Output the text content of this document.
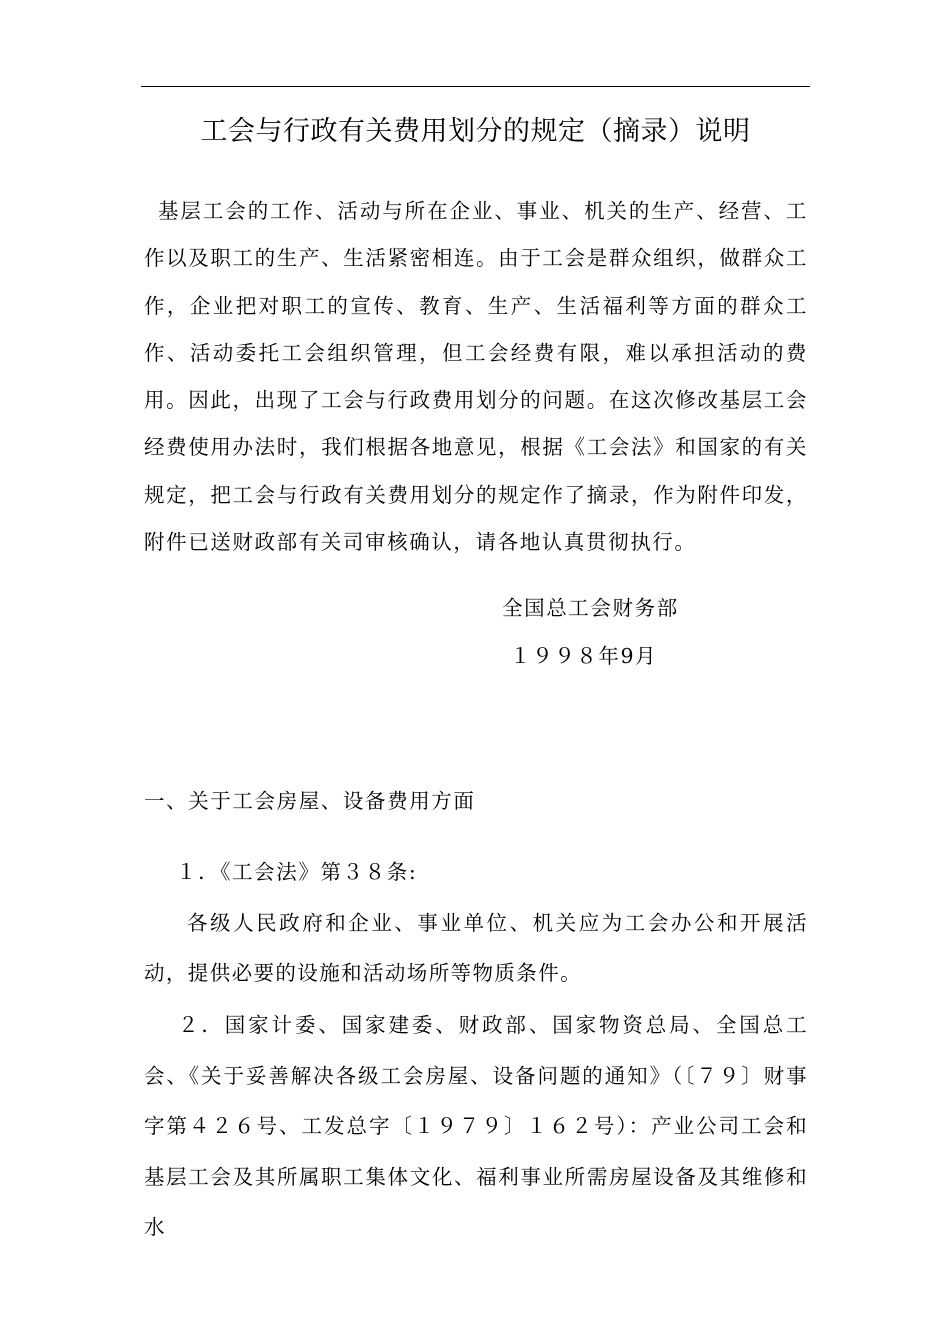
工会与行政有关费用划分的规定（摘录）说明

基层工会的工作、活动与所在企业、事业、机关的生产、经营、工作以及职工的生产、生活紧密相连。由于工会是群众组织，做群众工作，企业把对职工的宣传、教育、生产、生活福利等方面的群众工作、活动委托工会组织管理，但工会经费有限，难以承担活动的费用。因此，出现了工会与行政费用划分的问题。在这次修改基层工会经费使用办法时，我们根据各地意见，根据《工会法》和国家的有关规定，把工会与行政有关费用划分的规定作了摘录，作为附件印发，附件已送财政部有关司审核确认，请各地认真贯彻执行。

全国总工会财务部

１９９８年9月

一、关于工会房屋、设备费用方面

１．《工会法》第３８条:

各级人民政府和企业、事业单位、机关应为工会办公和开展活动，提供必要的设施和活动场所等物质条件。

２．国家计委、国家建委、财政部、国家物资总局、全国总工会、《关于妥善解决各级工会房屋、设备问题的通知》（〔７９〕财事字第４２６号、工发总字〔１９７９〕１６２号）：产业公司工会和基层工会及其所属职工集体文化、福利事业所需房屋设备及其维修和水
